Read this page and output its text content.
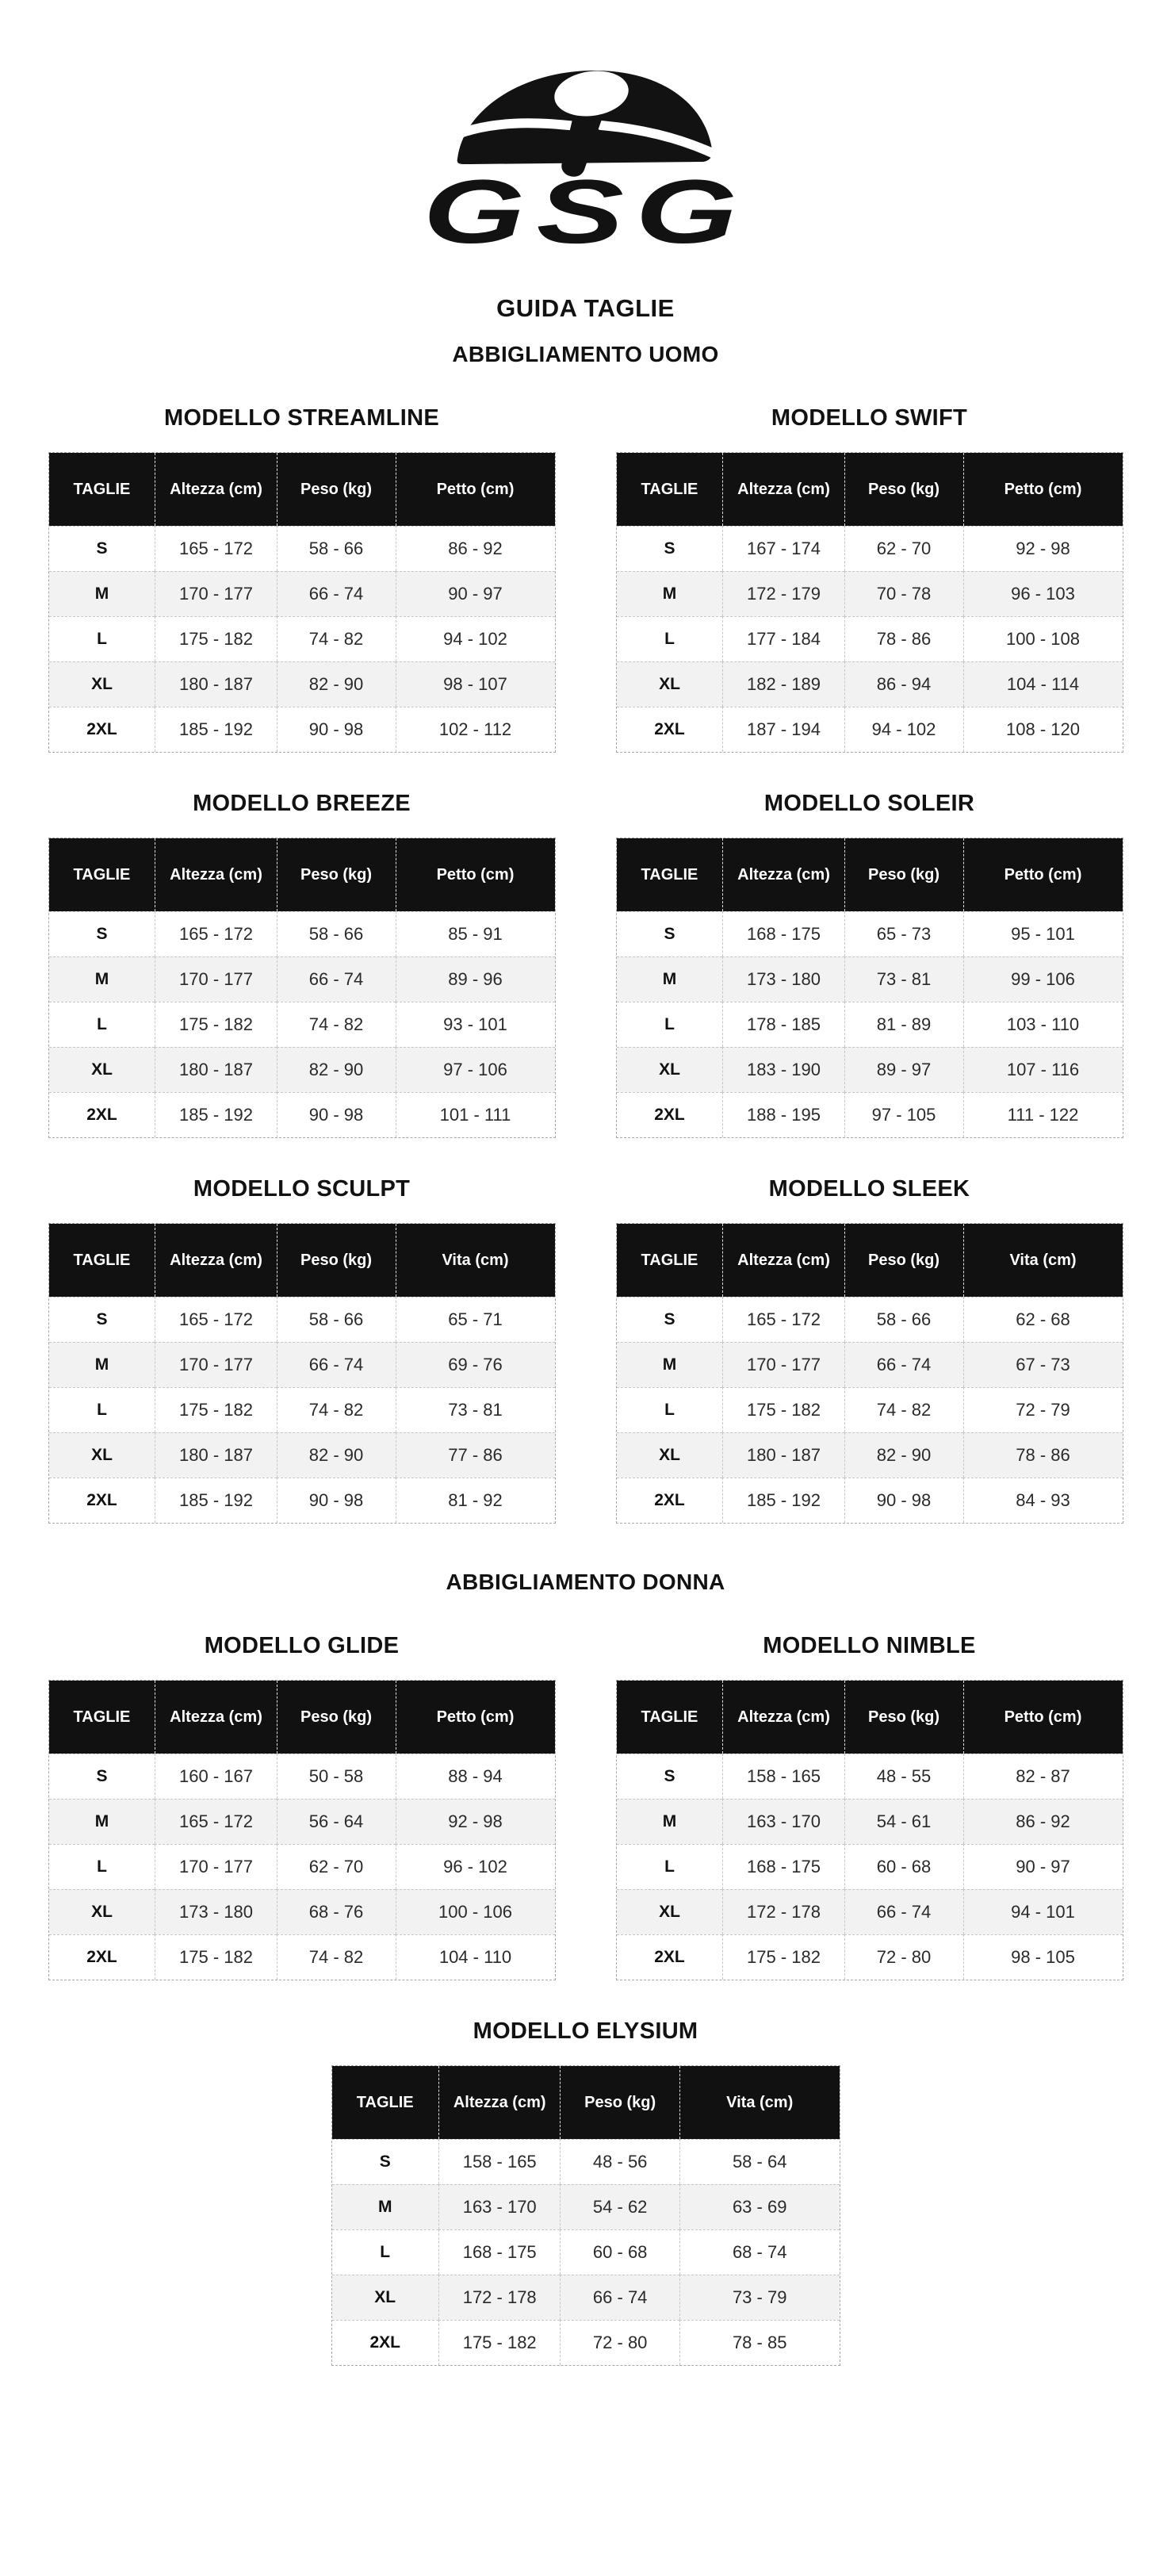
GSG
GUIDA TAGLIE
ABBIGLIAMENTO UOMO
MODELLO STREAMLINE
TAGLIE	Altezza (cm)	Peso (kg)	Petto (cm)
S	165 - 172	58 - 66	86 - 92
M	170 - 177	66 - 74	90 - 97
L	175 - 182	74 - 82	94 - 102
XL	180 - 187	82 - 90	98 - 107
2XL	185 - 192	90 - 98	102 - 112
MODELLO SWIFT
TAGLIE	Altezza (cm)	Peso (kg)	Petto (cm)
S	167 - 174	62 - 70	92 - 98
M	172 - 179	70 - 78	96 - 103
L	177 - 184	78 - 86	100 - 108
XL	182 - 189	86 - 94	104 - 114
2XL	187 - 194	94 - 102	108 - 120
MODELLO BREEZE
TAGLIE	Altezza (cm)	Peso (kg)	Petto (cm)
S	165 - 172	58 - 66	85 - 91
M	170 - 177	66 - 74	89 - 96
L	175 - 182	74 - 82	93 - 101
XL	180 - 187	82 - 90	97 - 106
2XL	185 - 192	90 - 98	101 - 111
MODELLO SOLEIR
TAGLIE	Altezza (cm)	Peso (kg)	Petto (cm)
S	168 - 175	65 - 73	95 - 101
M	173 - 180	73 - 81	99 - 106
L	178 - 185	81 - 89	103 - 110
XL	183 - 190	89 - 97	107 - 116
2XL	188 - 195	97 - 105	111 - 122
MODELLO SCULPT
TAGLIE	Altezza (cm)	Peso (kg)	Vita (cm)
S	165 - 172	58 - 66	65 - 71
M	170 - 177	66 - 74	69 - 76
L	175 - 182	74 - 82	73 - 81
XL	180 - 187	82 - 90	77 - 86
2XL	185 - 192	90 - 98	81 - 92
MODELLO SLEEK
TAGLIE	Altezza (cm)	Peso (kg)	Vita (cm)
S	165 - 172	58 - 66	62 - 68
M	170 - 177	66 - 74	67 - 73
L	175 - 182	74 - 82	72 - 79
XL	180 - 187	82 - 90	78 - 86
2XL	185 - 192	90 - 98	84 - 93
ABBIGLIAMENTO DONNA
MODELLO GLIDE
TAGLIE	Altezza (cm)	Peso (kg)	Petto (cm)
S	160 - 167	50 - 58	88 - 94
M	165 - 172	56 - 64	92 - 98
L	170 - 177	62 - 70	96 - 102
XL	173 - 180	68 - 76	100 - 106
2XL	175 - 182	74 - 82	104 - 110
MODELLO NIMBLE
TAGLIE	Altezza (cm)	Peso (kg)	Petto (cm)
S	158 - 165	48 - 55	82 - 87
M	163 - 170	54 - 61	86 - 92
L	168 - 175	60 - 68	90 - 97
XL	172 - 178	66 - 74	94 - 101
2XL	175 - 182	72 - 80	98 - 105
MODELLO ELYSIUM
TAGLIE	Altezza (cm)	Peso (kg)	Vita (cm)
S	158 - 165	48 - 56	58 - 64
M	163 - 170	54 - 62	63 - 69
L	168 - 175	60 - 68	68 - 74
XL	172 - 178	66 - 74	73 - 79
2XL	175 - 182	72 - 80	78 - 85
